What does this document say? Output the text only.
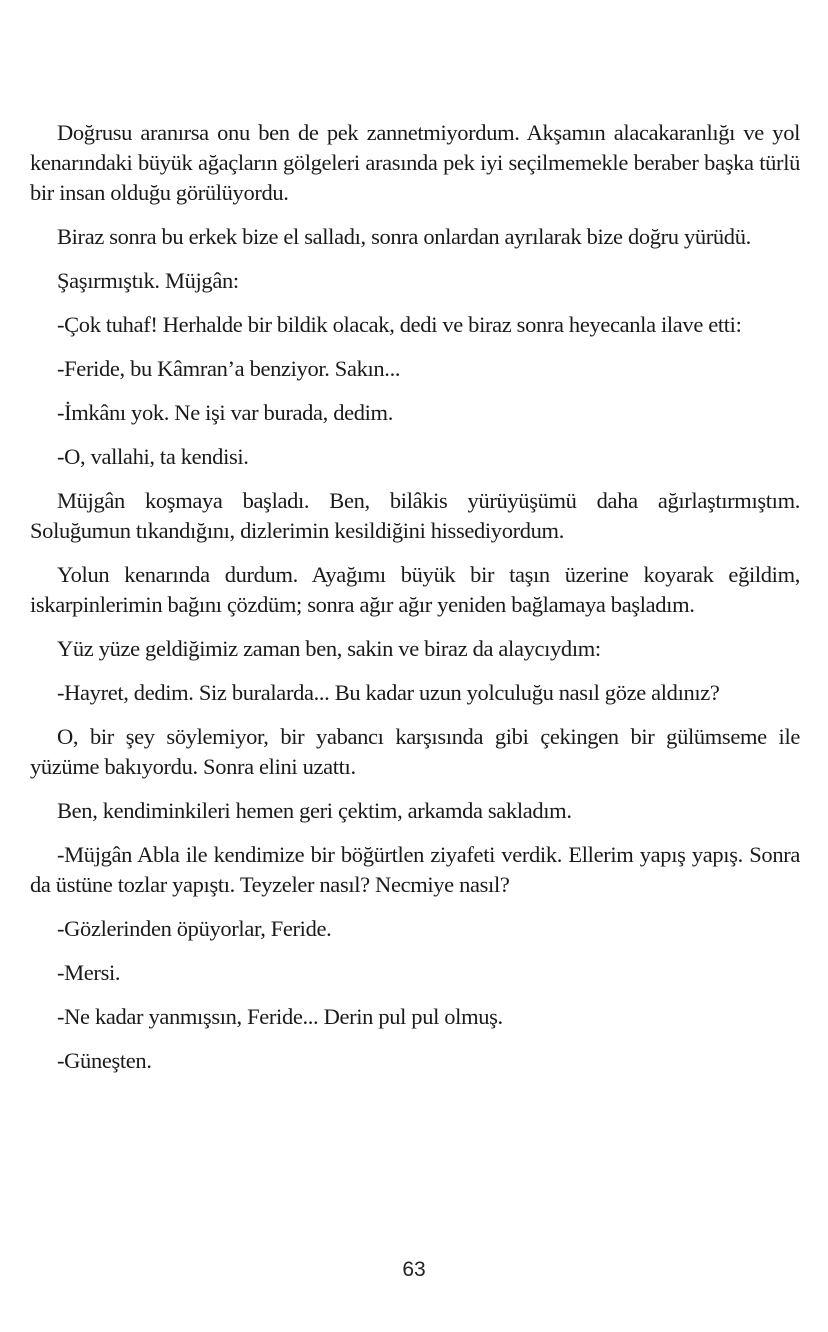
Doğrusu aranırsa onu ben de pek zannetmiyordum. Akşamın alacakaranlığı ve yol kenarındaki büyük ağaçların gölgeleri arasında pek iyi seçilmemekle beraber başka türlü bir insan olduğu görülüyordu.

Biraz sonra bu erkek bize el salladı, sonra onlardan ayrılarak bize doğru yürüdü.

Şaşırmıştık. Müjgân:

-Çok tuhaf! Herhalde bir bildik olacak, dedi ve biraz sonra heyecanla ilave etti:

-Feride, bu Kâmran’a benziyor. Sakın...

-İmkânı yok. Ne işi var burada, dedim.

-O, vallahi, ta kendisi.

Müjgân koşmaya başladı. Ben, bilâkis yürüyüşümü daha ağırlaştırmıştım. Soluğumun tıkandığını, dizlerimin kesildiğini hissediyordum.

Yolun kenarında durdum. Ayağımı büyük bir taşın üzerine koyarak eğildim, iskarpinlerimin bağını çözdüm; sonra ağır ağır yeniden bağlamaya başladım.

Yüz yüze geldiğimiz zaman ben, sakin ve biraz da alaycıydım:

-Hayret, dedim. Siz buralarda... Bu kadar uzun yolculuğu nasıl göze aldınız?

O, bir şey söylemiyor, bir yabancı karşısında gibi çekingen bir gülümseme ile yüzüme bakıyordu. Sonra elini uzattı.

Ben, kendiminkileri hemen geri çektim, arkamda sakladım.

-Müjgân Abla ile kendimize bir böğürtlen ziyafeti verdik. Ellerim yapış yapış. Sonra da üstüne tozlar yapıştı. Teyzeler nasıl? Necmiye nasıl?

-Gözlerinden öpüyorlar, Feride.

-Mersi.

-Ne kadar yanmışsın, Feride... Derin pul pul olmuş.

-Güneşten.

63
